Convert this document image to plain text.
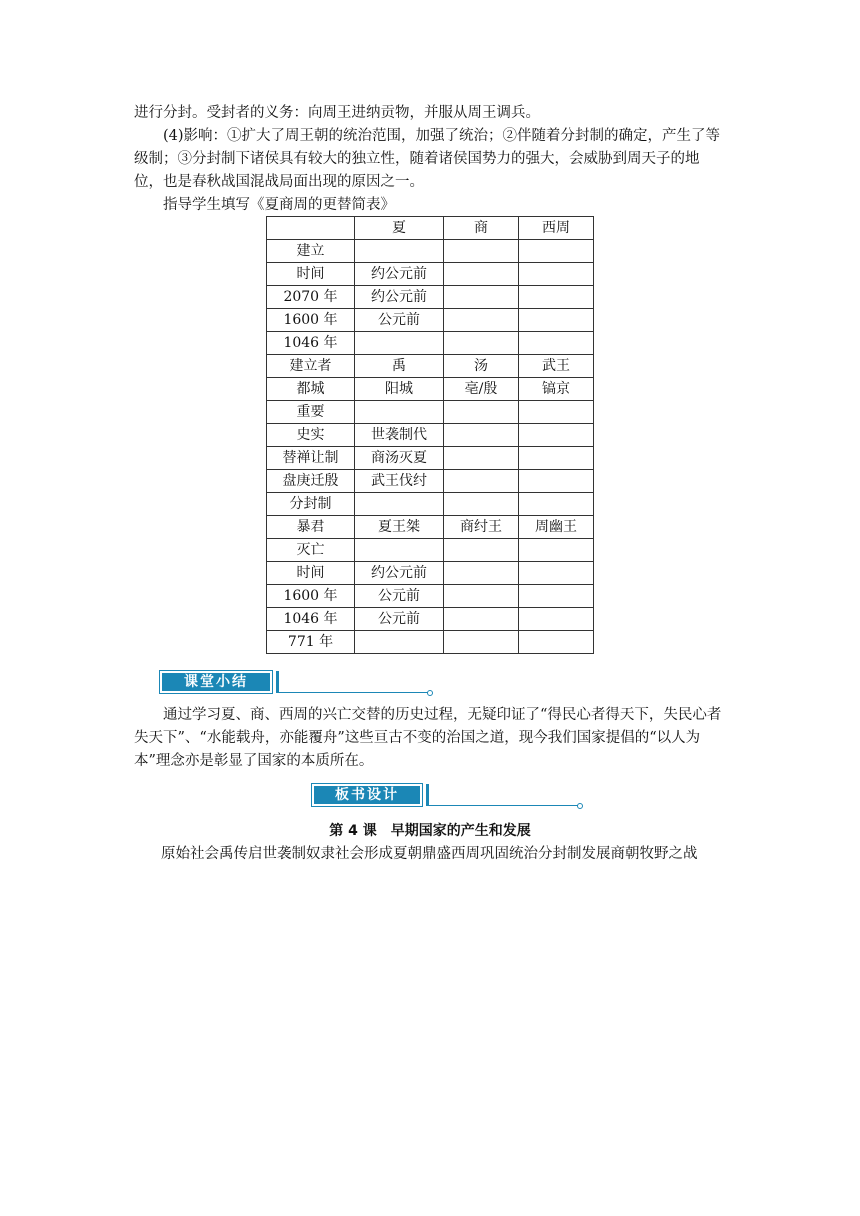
进行分封。受封者的义务：向周王进纳贡物，并服从周王调兵。

(4)影响：①扩大了周王朝的统治范围，加强了统治；②伴随着分封制的确定，产生了等级制；③分封制下诸侯具有较大的独立性，随着诸侯国势力的强大，会威胁到周天子的地位，也是春秋战国混战局面出现的原因之一。

指导学生填写《夏商周的更替简表》

	夏	商	西周
建立			
时间	约公元前		
2070 年	约公元前		
1600 年	公元前		
1046 年			
建立者	禹	汤	武王
都城	阳城	亳/殷	镐京
重要			
史实	世袭制代		
替禅让制	商汤灭夏		
盘庚迁殷	武王伐纣		
分封制			
暴君	夏王桀	商纣王	周幽王
灭亡			
时间	约公元前		
1600 年	公元前		
1046 年	公元前		
771 年			
课堂小结

通过学习夏、商、西周的兴亡交替的历史过程，无疑印证了“得民心者得天下，失民心者失天下”、“水能载舟，亦能覆舟”这些亘古不变的治国之道，现今我们国家提倡的“以人为本”理念亦是彰显了国家的本质所在。

板书设计
第 4 课　早期国家的产生和发展

原始社会禹传启世袭制奴隶社会形成夏朝鼎盛西周巩固统治分封制发展商朝牧野之战
